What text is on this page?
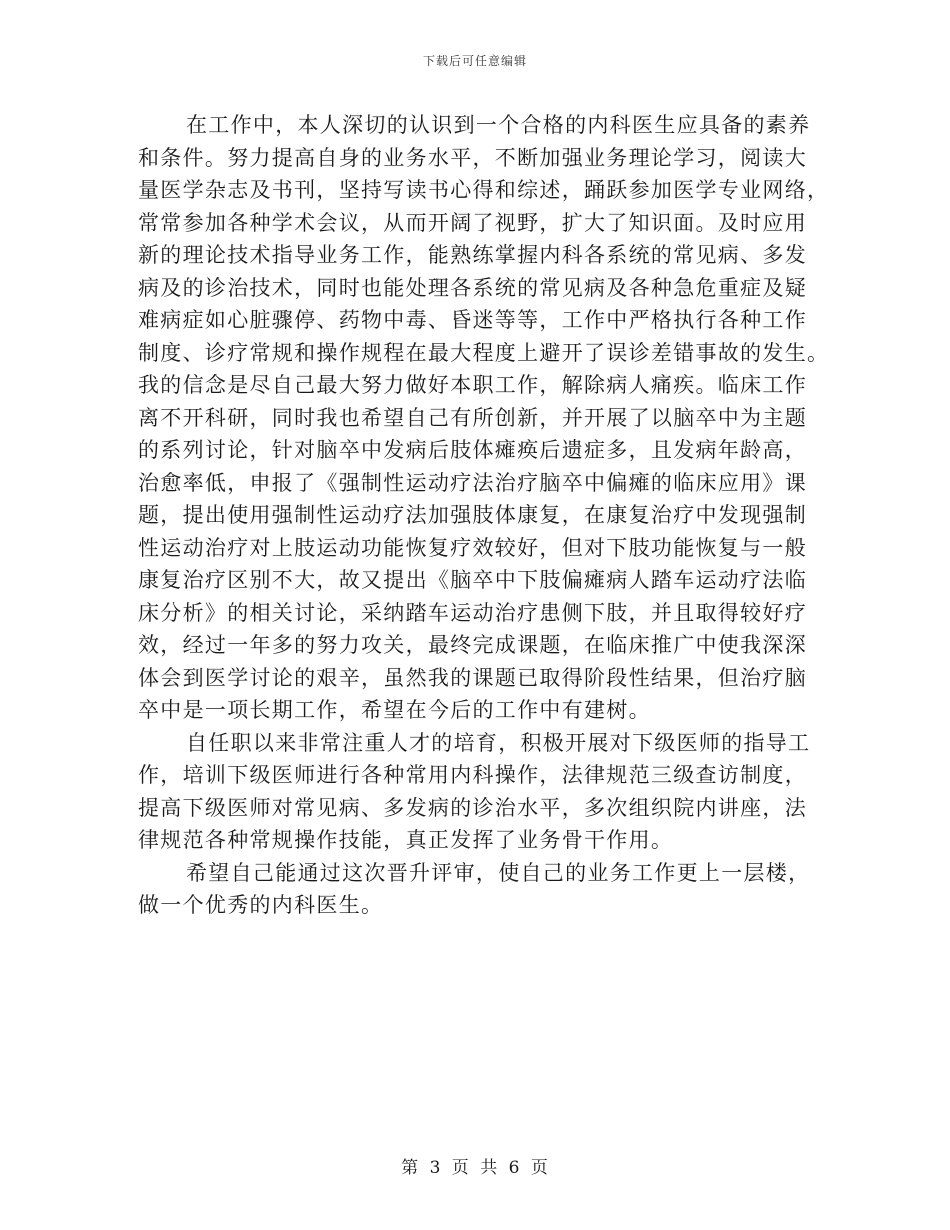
下载后可任意编辑
在工作中，本人深切的认识到一个合格的内科医生应具备的素养
和条件。努力提高自身的业务水平，不断加强业务理论学习，阅读大
量医学杂志及书刊，坚持写读书心得和综述，踊跃参加医学专业网络，
常常参加各种学术会议，从而开阔了视野，扩大了知识面。及时应用
新的理论技术指导业务工作，能熟练掌握内科各系统的常见病、多发
病及的诊治技术，同时也能处理各系统的常见病及各种急危重症及疑
难病症如心脏骤停、药物中毒、昏迷等等，工作中严格执行各种工作
制度、诊疗常规和操作规程在最大程度上避开了误诊差错事故的发生。
我的信念是尽自己最大努力做好本职工作，解除病人痛疾。临床工作
离不开科研，同时我也希望自己有所创新，并开展了以脑卒中为主题
的系列讨论，针对脑卒中发病后肢体瘫痪后遗症多，且发病年龄高，
治愈率低，申报了《强制性运动疗法治疗脑卒中偏瘫的临床应用》课
题，提出使用强制性运动疗法加强肢体康复，在康复治疗中发现强制
性运动治疗对上肢运动功能恢复疗效较好，但对下肢功能恢复与一般
康复治疗区别不大，故又提出《脑卒中下肢偏瘫病人踏车运动疗法临
床分析》的相关讨论，采纳踏车运动治疗患侧下肢，并且取得较好疗
效，经过一年多的努力攻关，最终完成课题，在临床推广中使我深深
体会到医学讨论的艰辛，虽然我的课题已取得阶段性结果，但治疗脑
卒中是一项长期工作，希望在今后的工作中有建树。
自任职以来非常注重人才的培育，积极开展对下级医师的指导工
作，培训下级医师进行各种常用内科操作，法律规范三级查访制度，
提高下级医师对常见病、多发病的诊治水平，多次组织院内讲座，法
律规范各种常规操作技能，真正发挥了业务骨干作用。
希望自己能通过这次晋升评审，使自己的业务工作更上一层楼，
做一个优秀的内科医生。
第 3 页 共 6 页
